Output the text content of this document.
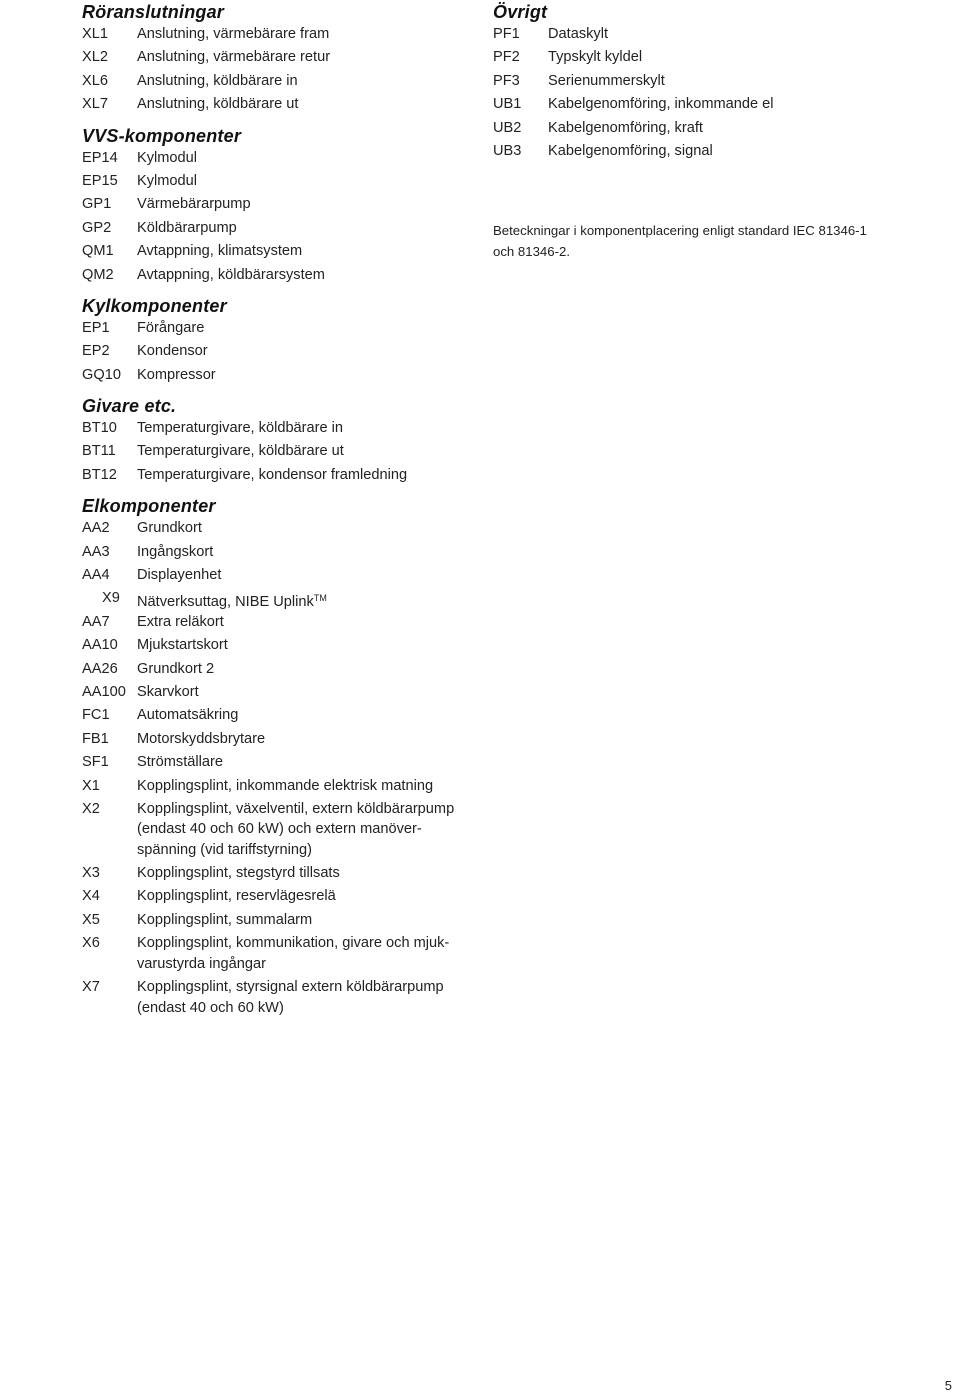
Röranslutningar
XL1	Anslutning, värmebärare fram
XL2	Anslutning, värmebärare retur
XL6	Anslutning, köldbärare in
XL7	Anslutning, köldbärare ut
VVS-komponenter
EP14	Kylmodul
EP15	Kylmodul
GP1	Värmebärarpump
GP2	Köldbärarpump
QM1	Avtappning, klimatsystem
QM2	Avtappning, köldbärarsystem
Kylkomponenter
EP1	Förångare
EP2	Kondensor
GQ10	Kompressor
Givare etc.
BT10	Temperaturgivare, köldbärare in
BT11	Temperaturgivare, köldbärare ut
BT12	Temperaturgivare, kondensor framledning
Elkomponenter
AA2	Grundkort
AA3	Ingångskort
AA4	Displayenhet
X9	Nätverksuttag, NIBE Uplink™
AA7	Extra reläkort
AA10	Mjukstartskort
AA26	Grundkort 2
AA100 Skarvkort
FC1	Automatsäkring
FB1	Motorskyddsbrytare
SF1	Strömställare
X1	Kopplingsplint, inkommande elektrisk matning
X2	Kopplingsplint, växelventil, extern köldbärarpump (endast 40 och 60 kW) och extern manöver-spänning (vid tariffstyrning)
X3	Kopplingsplint, stegstyrd tillsats
X4	Kopplingsplint, reservlägesrelä
X5	Kopplingsplint, summalarm
X6	Kopplingsplint, kommunikation, givare och mjuk-varustyrda ingångar
X7	Kopplingsplint, styrsignal extern köldbärarpump (endast 40 och 60 kW)
Övrigt
PF1	Dataskylt
PF2	Typskylt kyldel
PF3	Serienummerskylt
UB1	Kabelgenomföring, inkommande el
UB2	Kabelgenomföring, kraft
UB3	Kabelgenomföring, signal

Beteckningar i komponentplacering enligt standard IEC 81346-1 och 81346-2.

5
